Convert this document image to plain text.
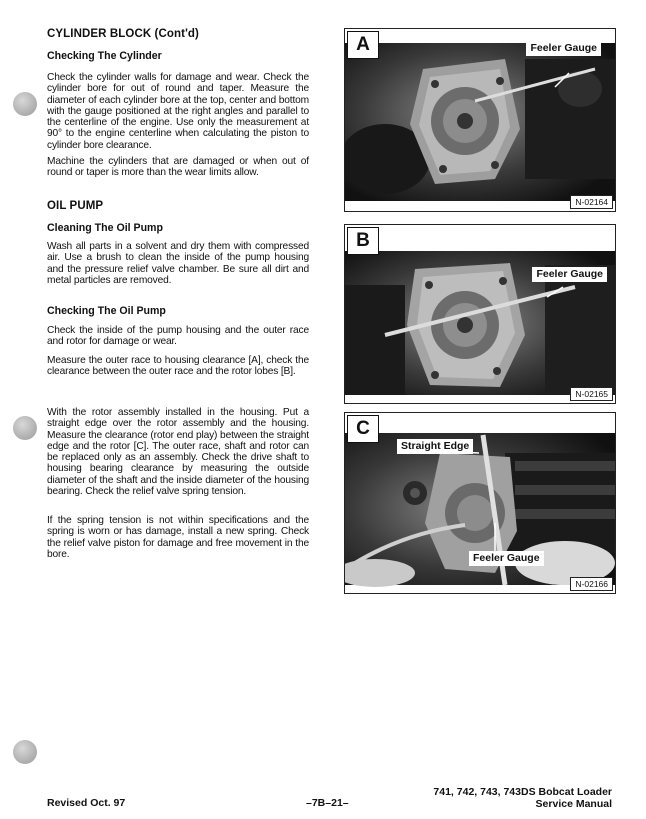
CYLINDER BLOCK (Cont'd)
Checking The Cylinder

Check the cylinder walls for damage and wear. Check the cylinder bore for out of round and taper. Measure the diameter of each cylinder bore at the top, center and bottom with the gauge positioned at the right angles and parallel to the centerline of the engine. Use only the measurement at 90° to the engine centerline when calculating the piston to cylinder bore clearance.

Machine the cylinders that are damaged or when out of round or taper is more than the wear limits allow.

OIL PUMP
Cleaning The Oil Pump

Wash all parts in a solvent and dry them with compressed air. Use a brush to clean the inside of the pump housing and the pressure relief valve chamber. Be sure all dirt and metal particles are removed.

Checking The Oil Pump

Check the inside of the pump housing and the outer race and rotor for damage or wear.

Measure the outer race to housing clearance [A], check the clearance between the outer race and the rotor lobes [B].

With the rotor assembly installed in the housing. Put a straight edge over the rotor assembly and the housing. Measure the clearance (rotor end play) between the straight edge and the rotor [C]. The outer race, shaft and rotor can be replaced only as an assembly. Check the drive shaft to housing bearing clearance by measuring the outside diameter of the shaft and the inside diameter of the housing bearing. Check the relief valve spring tension.

If the spring tension is not within specifications and the spring is worn or has damage, install a new spring. Check the relief valve piston for damage and free movement in the bore.

A	Feeler Gauge
N-02164
B
Feeler Gauge
N-02165
C
Straight Edge
Feeler Gauge
N-02166
Revised Oct. 97	–7B–21–
741, 742, 743, 743DS Bobcat Loader
Service Manual
